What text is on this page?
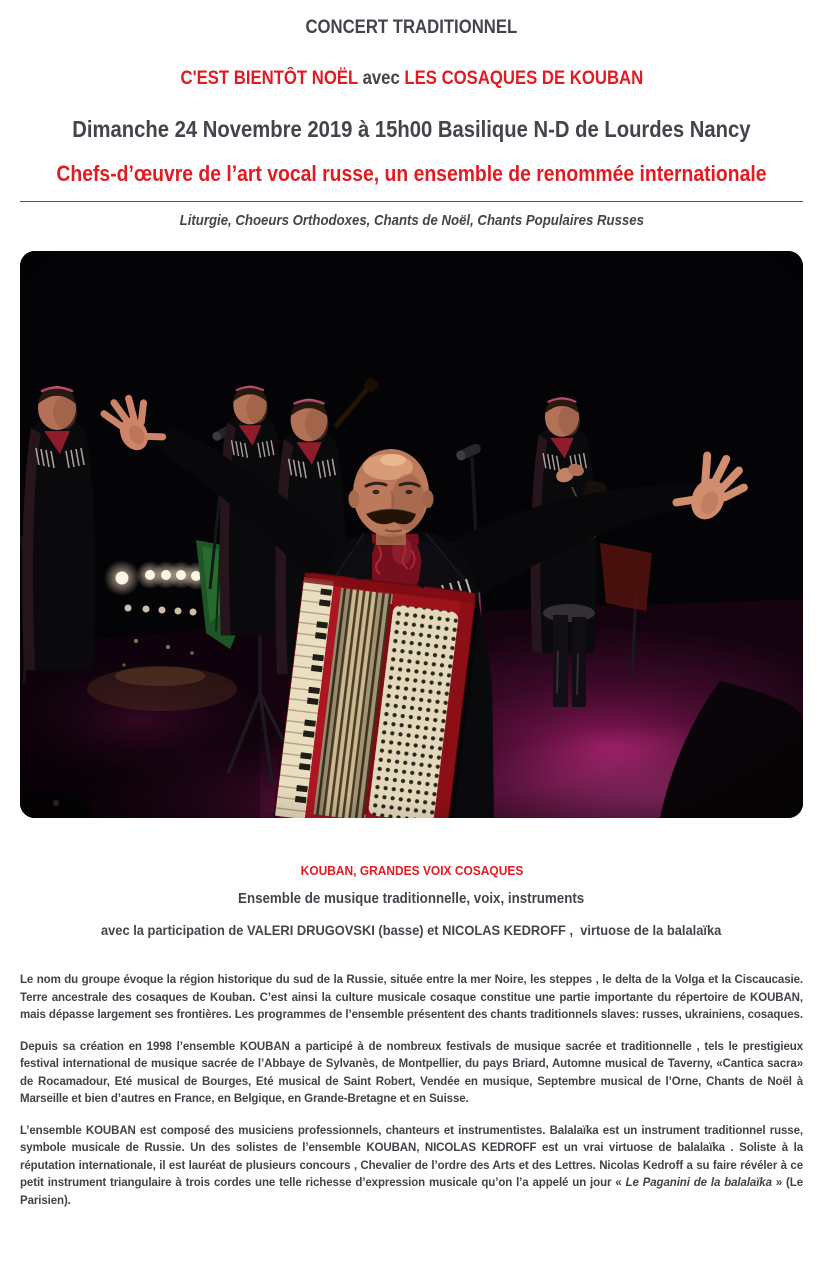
CONCERT TRADITIONNEL
C'EST BIENTÔT NOËL avec LES COSAQUES DE KOUBAN
Dimanche 24 Novembre 2019 à 15h00 Basilique N-D de Lourdes Nancy
Chefs-d’œuvre de l’art vocal russe, un ensemble de renommée internationale
Liturgie, Choeurs Orthodoxes, Chants de Noël, Chants Populaires Russes
KOUBAN, GRANDES VOIX COSAQUES
Ensemble de musique traditionnelle, voix, instruments
avec la participation de VALERI DRUGOVSKI (basse) et NICOLAS KEDROFF ,  virtuose de la balalaïka

Le nom du groupe évoque la région historique du sud de la Russie, située entre la mer Noire, les steppes , le delta de la Volga et la Ciscaucasie. Terre ancestrale des cosaques de Kouban. C’est ainsi la culture musicale cosaque constitue une partie importante du répertoire de KOUBAN, mais dépasse largement ses frontières. Les programmes de l’ensemble présentent des chants traditionnels slaves: russes, ukrainiens, cosaques.

Depuis sa création en 1998 l’ensemble KOUBAN a participé à de nombreux festivals de musique sacrée et traditionnelle , tels le prestigieux festival international de musique sacrée de l’Abbaye de Sylvanès, de Montpellier, du pays Briard, Automne musical de Taverny, «Cantica sacra» de Rocamadour, Eté musical de Bourges, Eté musical de Saint Robert, Vendée en musique, Septembre musical de l’Orne, Chants de Noël à Marseille et bien d’autres en France, en Belgique, en Grande-Bretagne et en Suisse.

L’ensemble KOUBAN est composé des musiciens professionnels, chanteurs et instrumentistes. Balalaïka est un instrument traditionnel russe, symbole musicale de Russie. Un des solistes de l’ensemble KOUBAN, NICOLAS KEDROFF est un vrai virtuose de balalaïka . Soliste à la réputation internationale, il est lauréat de plusieurs concours , Chevalier de l’ordre des Arts et des Lettres. Nicolas Kedroff a su faire révéler à ce petit instrument triangulaire à trois cordes une telle richesse d’expression musicale qu’on l’a appelé un jour « Le Paganini de la balalaïka » (Le Parisien).
